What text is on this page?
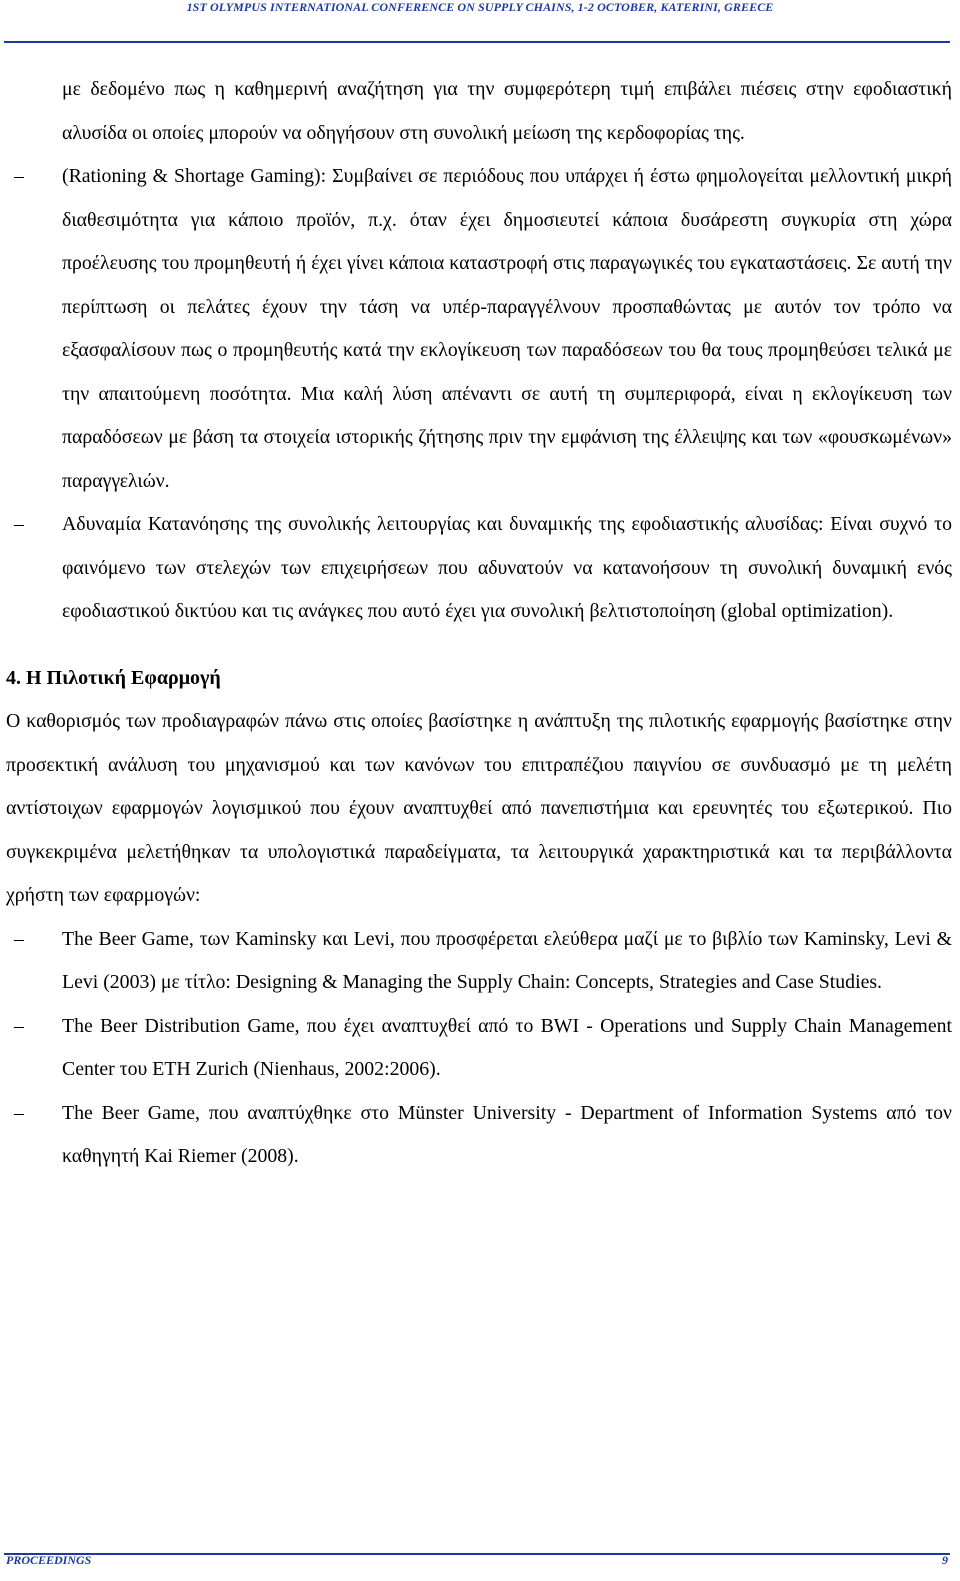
1ST OLYMPUS INTERNATIONAL CONFERENCE ON SUPPLY CHAINS, 1-2 OCTOBER, KATERINI, GREECE

με δεδομένο πως η καθημερινή αναζήτηση για την συμφερότερη τιμή επιβάλει πιέσεις στην εφοδιαστική αλυσίδα οι οποίες μπορούν να οδηγήσουν στη συνολική μείωση της κερδοφορίας της.

– (Rationing & Shortage Gaming): Συμβαίνει σε περιόδους που υπάρχει ή έστω φημολογείται μελλοντική μικρή διαθεσιμότητα για κάποιο προϊόν, π.χ. όταν έχει δημοσιευτεί κάποια δυσάρεστη συγκυρία στη χώρα προέλευσης του προμηθευτή ή έχει γίνει κάποια καταστροφή στις παραγωγικές του εγκαταστάσεις. Σε αυτή την περίπτωση οι πελάτες έχουν την τάση να υπέρ-παραγγέλνουν προσπαθώντας με αυτόν τον τρόπο να εξασφαλίσουν πως ο προμηθευτής κατά την εκλογίκευση των παραδόσεων του θα τους προμηθεύσει τελικά με την απαιτούμενη ποσότητα. Μια καλή λύση απέναντι σε αυτή τη συμπεριφορά, είναι η εκλογίκευση των παραδόσεων με βάση τα στοιχεία ιστορικής ζήτησης πριν την εμφάνιση της έλλειψης και των «φουσκωμένων» παραγγελιών.
– Αδυναμία Κατανόησης της συνολικής λειτουργίας και δυναμικής της εφοδιαστικής αλυσίδας: Είναι συχνό το φαινόμενο των στελεχών των επιχειρήσεων που αδυνατούν να κατανοήσουν τη συνολική δυναμική ενός εφοδιαστικού δικτύου και τις ανάγκες που αυτό έχει για συνολική βελτιστοποίηση (global optimization).
4. Η Πιλοτική Εφαρμογή

Ο καθορισμός των προδιαγραφών πάνω στις οποίες βασίστηκε η ανάπτυξη της πιλοτικής εφαρμογής βασίστηκε στην προσεκτική ανάλυση του μηχανισμού και των κανόνων του επιτραπέζιου παιγνίου σε συνδυασμό με τη μελέτη αντίστοιχων εφαρμογών λογισμικού που έχουν αναπτυχθεί από πανεπιστήμια και ερευνητές του εξωτερικού. Πιο συγκεκριμένα μελετήθηκαν τα υπολογιστικά παραδείγματα, τα λειτουργικά χαρακτηριστικά και τα περιβάλλοντα χρήστη των εφαρμογών:

– The Beer Game, των Kaminsky και Levi, που προσφέρεται ελεύθερα μαζί με το βιβλίο των Kaminsky, Levi & Levi (2003) με τίτλο: Designing & Managing the Supply Chain: Concepts, Strategies and Case Studies.
– The Beer Distribution Game, που έχει αναπτυχθεί από το BWI - Operations und Supply Chain Management Center του ETH Zurich (Nienhaus, 2002:2006).
– The Beer Game, που αναπτύχθηκε στο Münster University - Department of Information Systems από τον καθηγητή Kai Riemer (2008).
PROCEEDINGS	9
